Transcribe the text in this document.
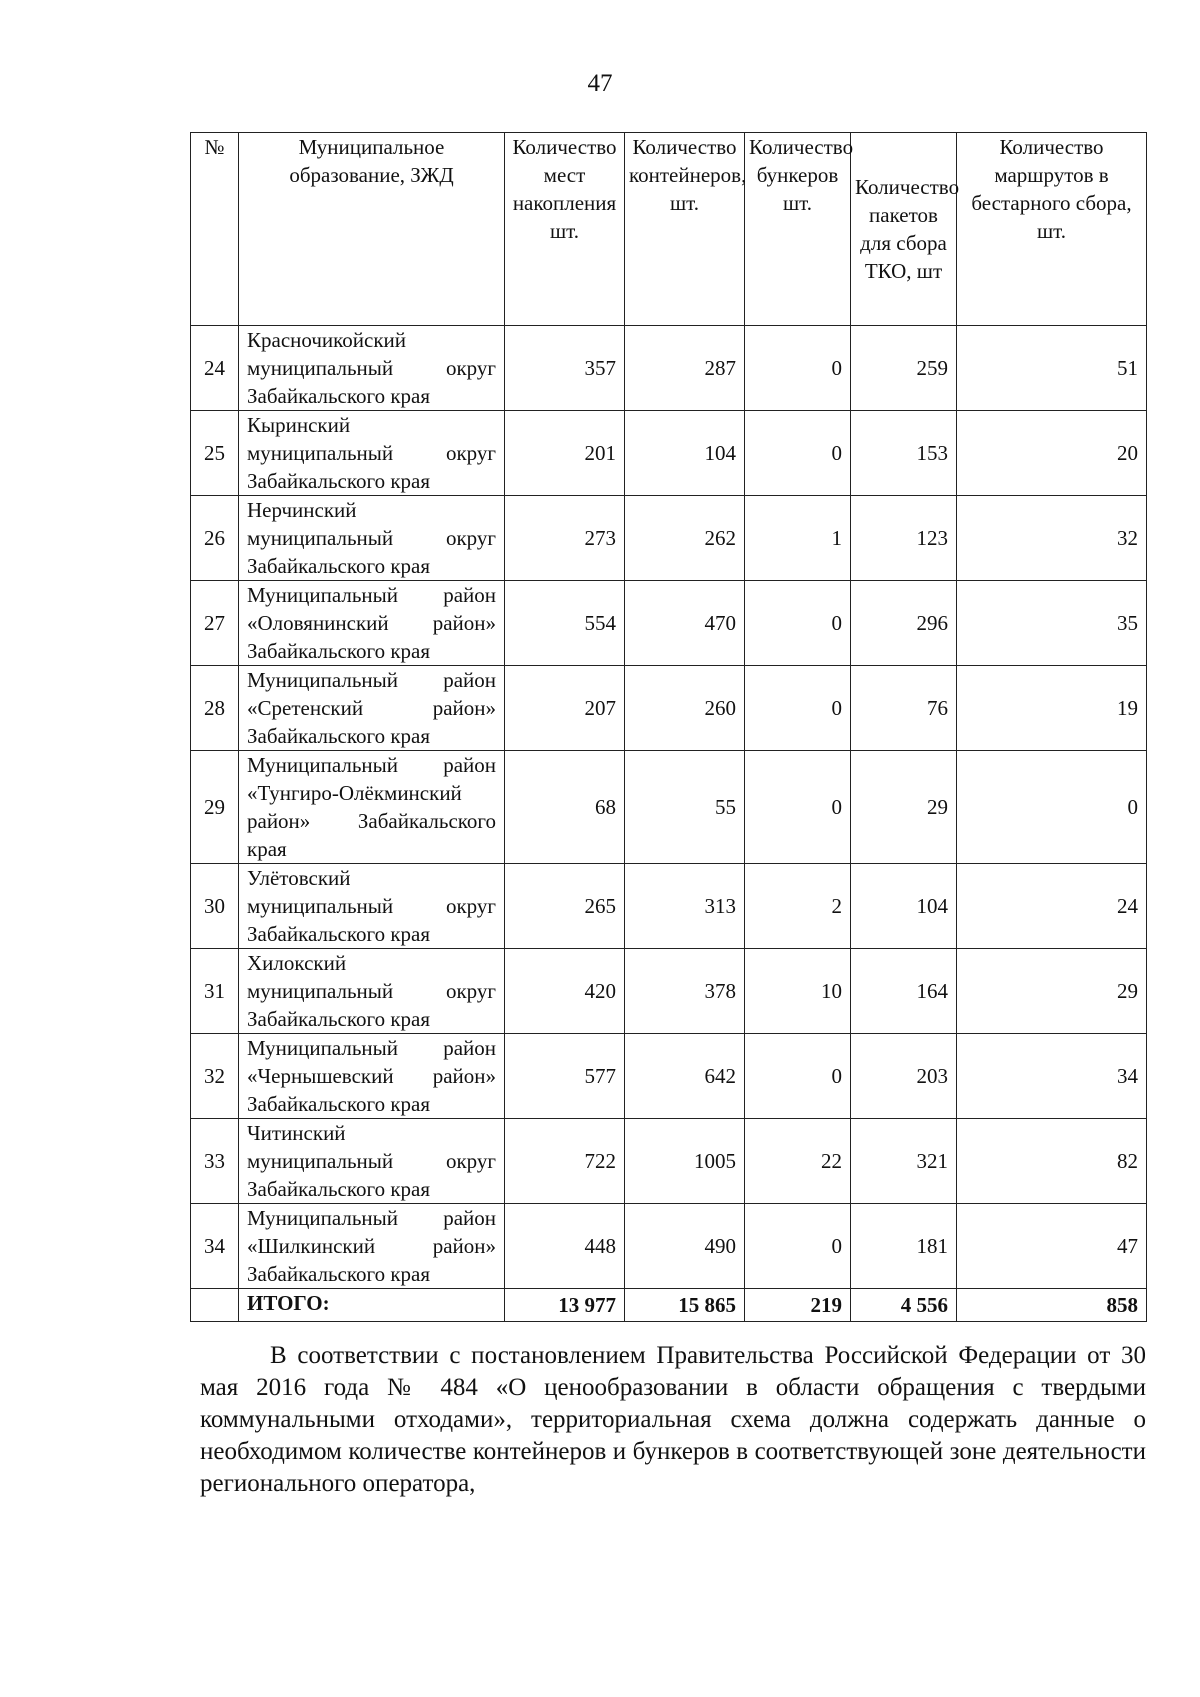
47
№	Муниципальное образование, ЗЖД	Количество мест накопления шт.	Количество контейнеров, шт.	Количество бункеров шт.	Количество пакетов для сбора ТКО, шт	Количество маршрутов в бестарного сбора, шт.
24	Красночикойский муниципальный округ Забайкальского края	357	287	0	259	51
25	Кыринский муниципальный округ Забайкальского края	201	104	0	153	20
26	Нерчинский муниципальный округ Забайкальского края	273	262	1	123	32
27	Муниципальный район «Оловянинский район» Забайкальского края	554	470	0	296	35
28	Муниципальный район «Сретенский район» Забайкальского края	207	260	0	76	19
29	Муниципальный район «Тунгиро-Олёкминский район» Забайкальского края	68	55	0	29	0
30	Улётовский муниципальный округ Забайкальского края	265	313	2	104	24
31	Хилокский муниципальный округ Забайкальского края	420	378	10	164	29
32	Муниципальный район «Чернышевский район» Забайкальского края	577	642	0	203	34
33	Читинский муниципальный округ Забайкальского края	722	1005	22	321	82
34	Муниципальный район «Шилкинский район» Забайкальского края	448	490	0	181	47
	ИТОГО:	13 977	15 865	219	4 556	858

В соответствии с постановлением Правительства Российской Федерации от 30 мая 2016 года № 484 «О ценообразовании в области обращения с твердыми коммунальными отходами», территориальная схема должна содержать данные о необходимом количестве контейнеров и бункеров в соответствующей зоне деятельности регионального оператора,
